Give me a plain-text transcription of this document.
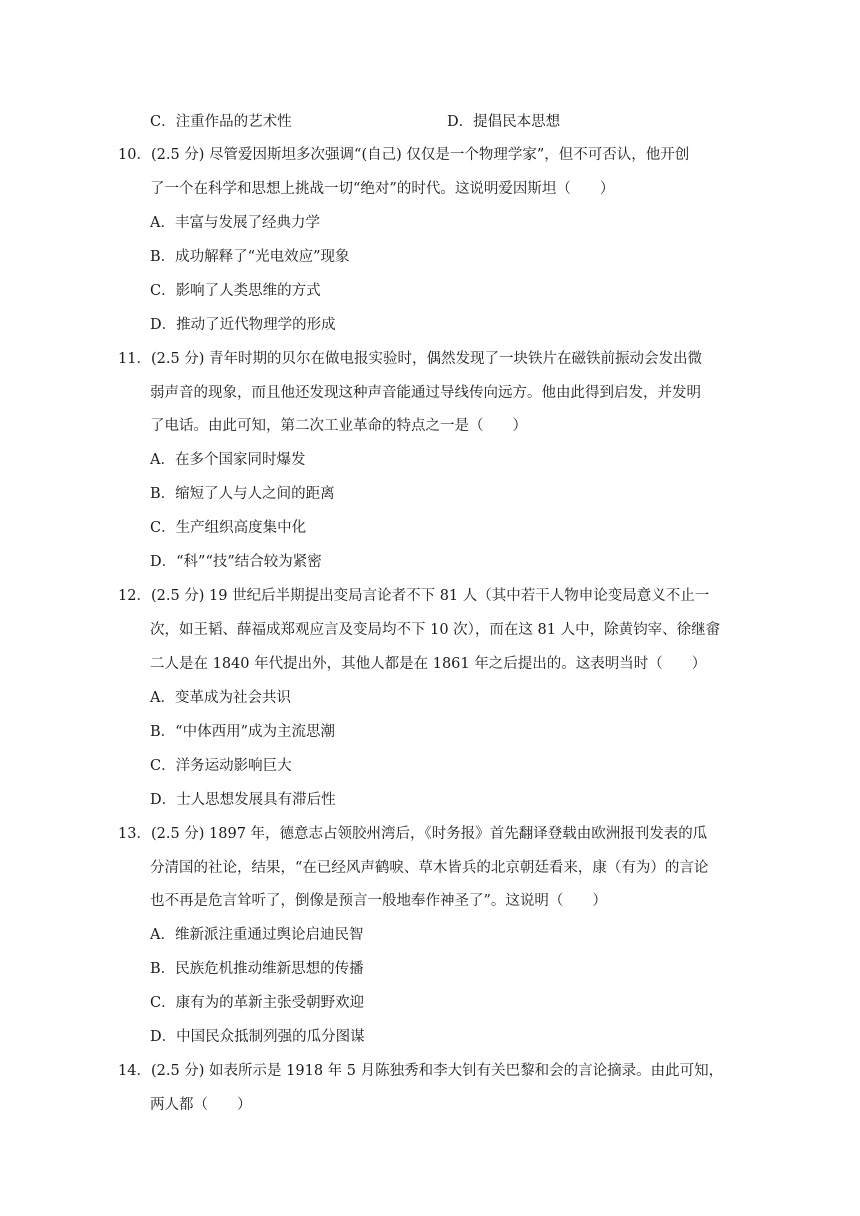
C．注重作品的艺术性	D．提倡民本思想
10．(2.5 分) 尽管爱因斯坦多次强调“(自己) 仅仅是一个物理学家”，但不可否认，他开创
了一个在科学和思想上挑战一切“绝对”的时代。这说明爱因斯坦（　　）
A．丰富与发展了经典力学
B．成功解释了“光电效应”现象
C．影响了人类思维的方式
D．推动了近代物理学的形成
11．(2.5 分) 青年时期的贝尔在做电报实验时，偶然发现了一块铁片在磁铁前振动会发出微
弱声音的现象，而且他还发现这种声音能通过导线传向远方。他由此得到启发，并发明
了电话。由此可知，第二次工业革命的特点之一是（　　）
A．在多个国家同时爆发
B．缩短了人与人之间的距离
C．生产组织高度集中化
D．“科”“技”结合较为紧密
12．(2.5 分) 19 世纪后半期提出变局言论者不下 81 人（其中若干人物申论变局意义不止一
次，如王韬、薛福成郑观应言及变局均不下 10 次），而在这 81 人中，除黄钧宰、徐继畲
二人是在 1840 年代提出外，其他人都是在 1861 年之后提出的。这表明当时（　　）
A．变革成为社会共识
B．“中体西用”成为主流思潮
C．洋务运动影响巨大
D．士人思想发展具有滞后性
13．(2.5 分) 1897 年，德意志占领胶州湾后，《时务报》首先翻译登载由欧洲报刊发表的瓜
分清国的社论，结果，“在已经风声鹤唳、草木皆兵的北京朝廷看来，康（有为）的言论
也不再是危言耸听了，倒像是预言一般地奉作神圣了”。这说明（　　）
A．维新派注重通过舆论启迪民智
B．民族危机推动维新思想的传播
C．康有为的革新主张受朝野欢迎
D．中国民众抵制列强的瓜分图谋
14．(2.5 分) 如表所示是 1918 年 5 月陈独秀和李大钊有关巴黎和会的言论摘录。由此可知，
两人都（　　）
